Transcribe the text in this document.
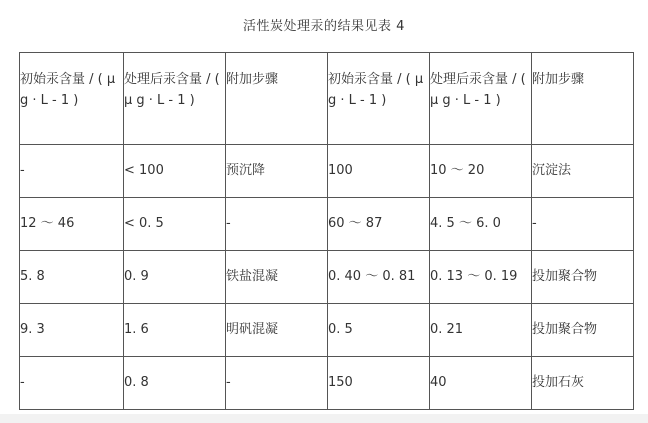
活性炭处理汞的结果见表 4
初始汞含量 / ( μ g · L - 1 )	处理后汞含量 / ( μ g · L - 1 )	附加步骤	初始汞含量 / ( μ g · L - 1 )	处理后汞含量 / ( μ g · L - 1 )	附加步骤
-	< 100	预沉降	100	10 ～ 20	沉淀法
12 ～ 46	< 0. 5	-	60 ～ 87	4. 5 ～ 6. 0	-
5. 8	0. 9	铁盐混凝	0. 40 ～ 0. 81	0. 13 ～ 0. 19	投加聚合物
9. 3	1. 6	明矾混凝	0. 5	0. 21	投加聚合物
-	0. 8	-	150	40	投加石灰
